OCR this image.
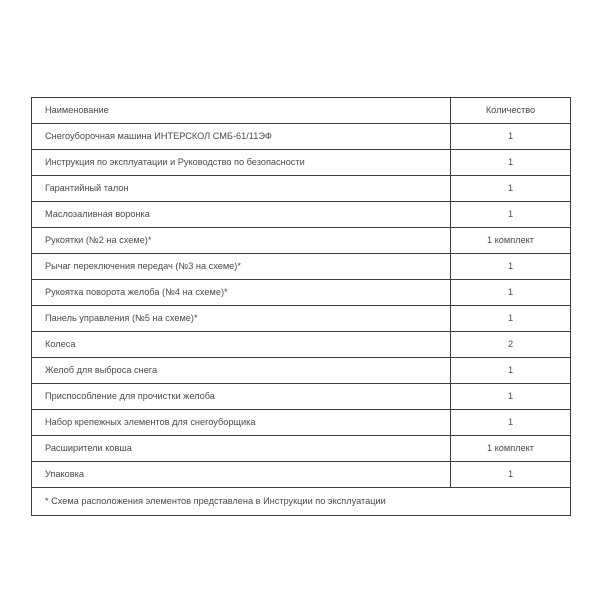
Наименование	Количество
Снегоуборочная машина ИНТЕРСКОЛ СМБ-61/11ЭФ	1
Инструкция по эксплуатации и Руководство по безопасности	1
Гарантийный талон	1
Маслозаливная воронка	1
Рукоятки (№2 на схеме)*	1 комплект
Рычаг переключения передач (№3 на схеме)*	1
Рукоятка поворота желоба (№4 на схеме)*	1
Панель управления (№5 на схеме)*	1
Колеса	2
Желоб для выброса снега	1
Приспособление для прочистки желоба	1
Набор крепежных элементов для снегоуборщика	1
Расширители ковша	1 комплект
Упаковка	1
* Схема расположения элементов представлена в Инструкции по эксплуатации	
